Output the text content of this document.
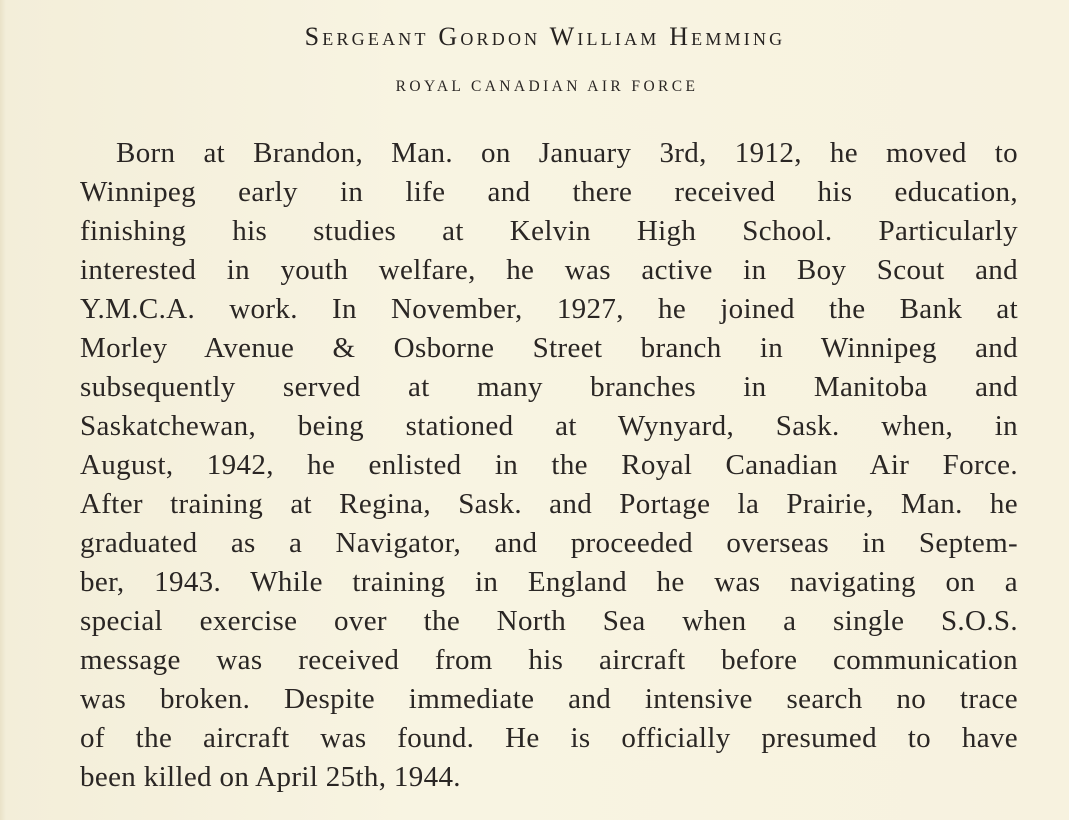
Sergeant Gordon William Hemming
ROYAL CANADIAN AIR FORCE
Born at Brandon, Man. on January 3rd, 1912, he moved to
Winnipeg early in life and there received his education,
finishing his studies at Kelvin High School. Particularly
interested in youth welfare, he was active in Boy Scout and
Y.M.C.A. work. In November, 1927, he joined the Bank at
Morley Avenue & Osborne Street branch in Winnipeg and
subsequently served at many branches in Manitoba and
Saskatchewan, being stationed at Wynyard, Sask. when, in
August, 1942, he enlisted in the Royal Canadian Air Force.
After training at Regina, Sask. and Portage la Prairie, Man. he
graduated as a Navigator, and proceeded overseas in Septem-
ber, 1943. While training in England he was navigating on a
special exercise over the North Sea when a single S.O.S.
message was received from his aircraft before communication
was broken. Despite immediate and intensive search no trace
of the aircraft was found. He is officially presumed to have
been killed on April 25th, 1944.
